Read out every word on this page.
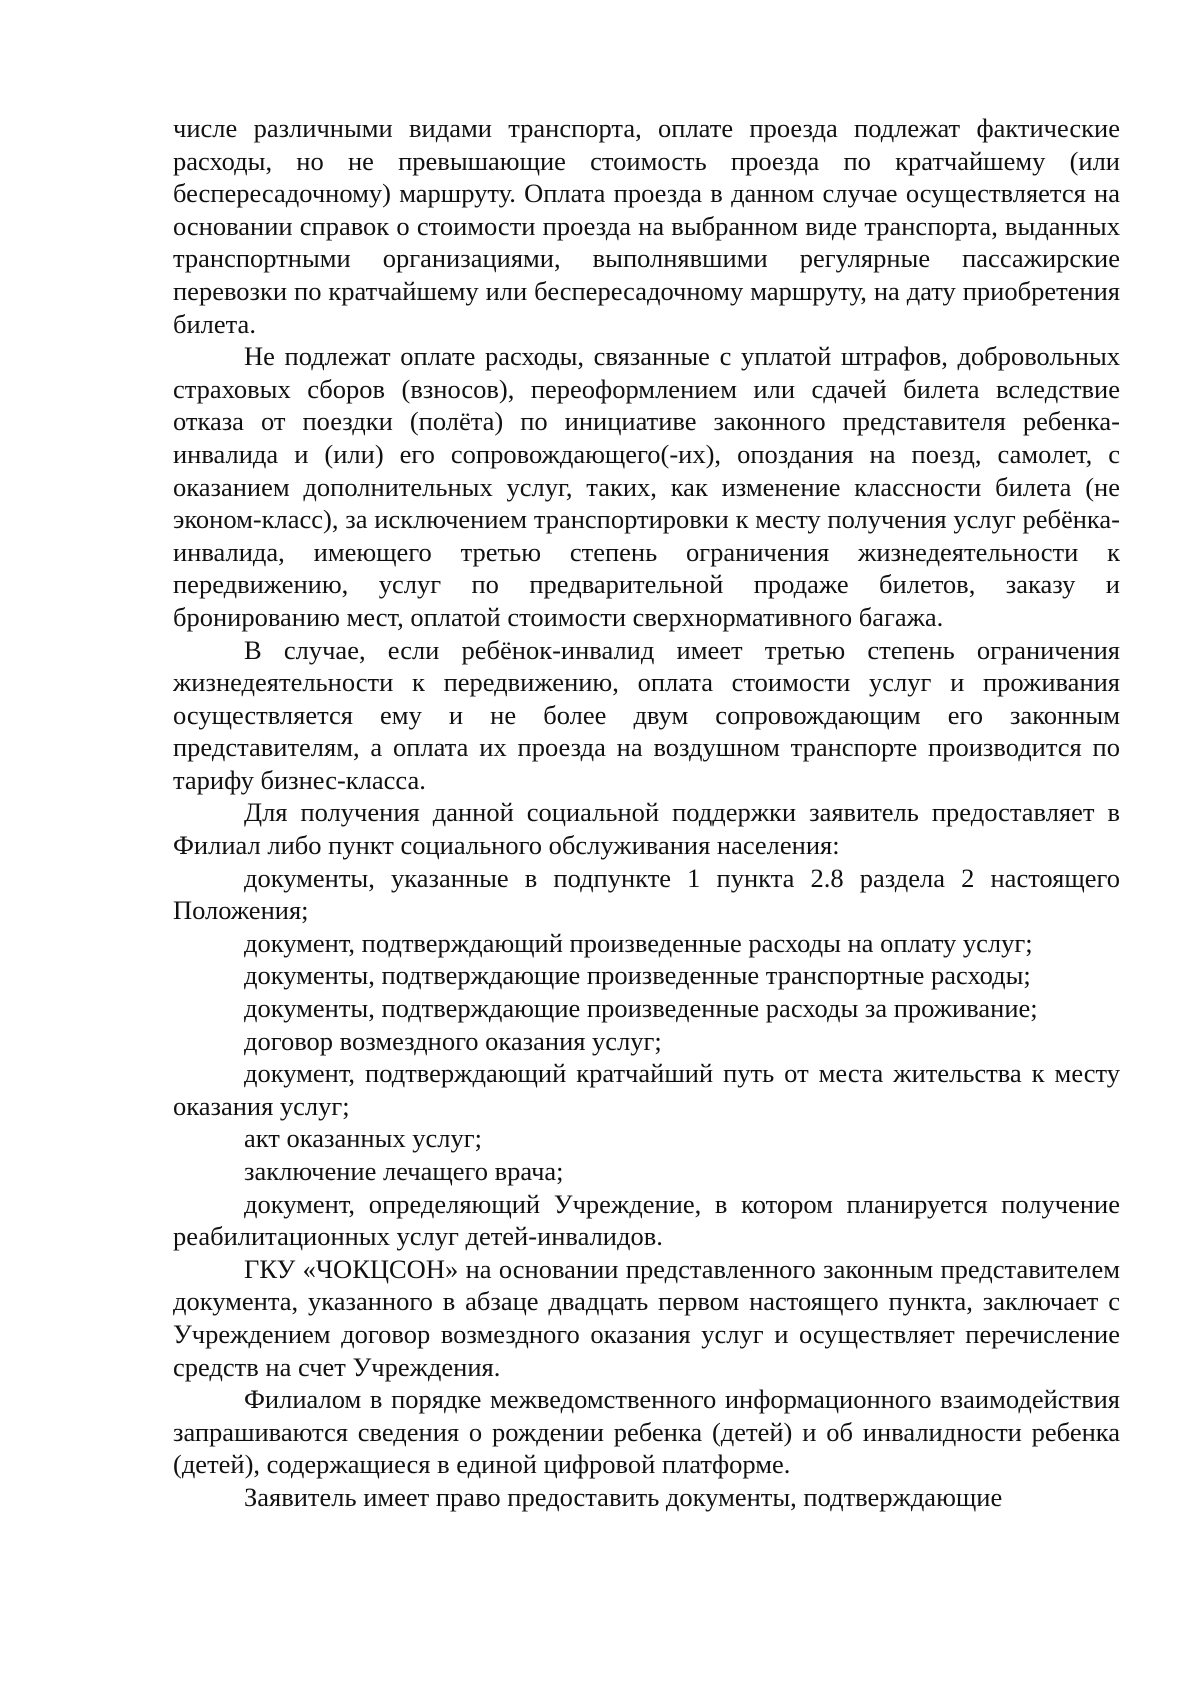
числе различными видами транспорта, оплате проезда подлежат фактические расходы, но не превышающие стоимость проезда по кратчайшему (или беспересадочному) маршруту. Оплата проезда в данном случае осуществляется на основании справок о стоимости проезда на выбранном виде транспорта, выданных транспортными организациями, выполнявшими регулярные пассажирские перевозки по кратчайшему или беспересадочному маршруту, на дату приобретения билета.

Не подлежат оплате расходы, связанные с уплатой штрафов, добровольных страховых сборов (взносов), переоформлением или сдачей билета вследствие отказа от поездки (полёта) по инициативе законного представителя ребенка-инвалида и (или) его сопровождающего(-их), опоздания на поезд, самолет, с оказанием дополнительных услуг, таких, как изменение классности билета (не эконом-класс), за исключением транспортировки к месту получения услуг ребёнка-инвалида, имеющего третью степень ограничения жизнедеятельности к передвижению, услуг по предварительной продаже билетов, заказу и бронированию мест, оплатой стоимости сверхнормативного багажа.

В случае, если ребёнок-инвалид имеет третью степень ограничения жизнедеятельности к передвижению, оплата стоимости услуг и проживания осуществляется ему и не более двум сопровождающим его законным представителям, а оплата их проезда на воздушном транспорте производится по тарифу бизнес-класса.

Для получения данной социальной поддержки заявитель предоставляет в Филиал либо пункт социального обслуживания населения:

документы, указанные в подпункте 1 пункта 2.8 раздела 2 настоящего Положения;

документ, подтверждающий произведенные расходы на оплату услуг;

документы, подтверждающие произведенные транспортные расходы;

документы, подтверждающие произведенные расходы за проживание;

договор возмездного оказания услуг;

документ, подтверждающий кратчайший путь от места жительства к месту оказания услуг;

акт оказанных услуг;

заключение лечащего врача;

документ, определяющий Учреждение, в котором планируется получение реабилитационных услуг детей-инвалидов.

ГКУ «ЧОКЦСОН» на основании представленного законным представителем документа, указанного в абзаце двадцать первом настоящего пункта, заключает с Учреждением договор возмездного оказания услуг и осуществляет перечисление средств на счет Учреждения.

Филиалом в порядке межведомственного информационного взаимодействия запрашиваются сведения о рождении ребенка (детей) и об инвалидности ребенка (детей), содержащиеся в единой цифровой платформе.

Заявитель имеет право предоставить документы, подтверждающие
